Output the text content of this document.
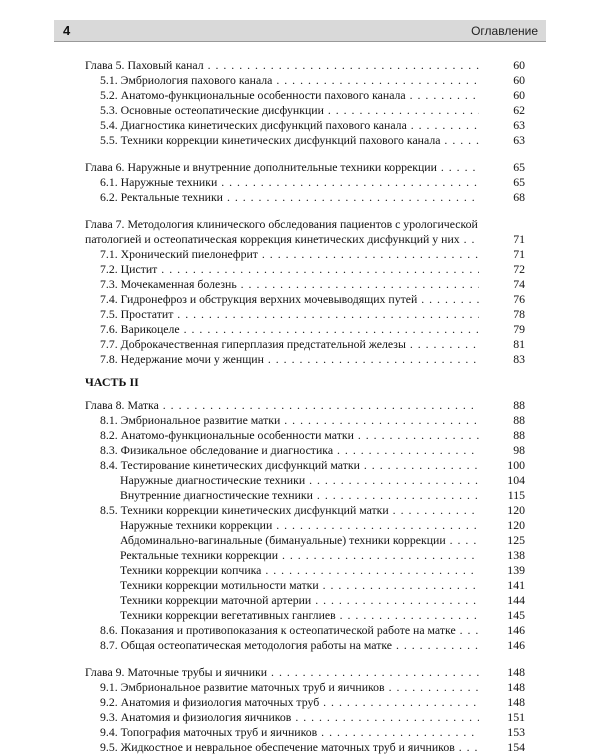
4	Оглавление
Глава 5. Паховый канал . . .	60
5.1. Эмбриология пахового канала . . .	60
5.2. Анатомо-функциональные особенности пахового канала . . .	60
5.3. Основные остеопатические дисфункции . . .	62
5.4. Диагностика кинетических дисфункций пахового канала . . .	63
5.5. Техники коррекции кинетических дисфункций пахового канала . . .	63
Глава 6. Наружные и внутренние дополнительные техники коррекции . . .	65
6.1. Наружные техники . . .	65
6.2. Ректальные техники . . .	68
Глава 7. Методология клинического обследования пациентов с урологической
патологией и остеопатическая коррекция кинетических дисфункций у них . . .	71
7.1. Хронический пиелонефрит . . .	71
7.2. Цистит . . .	72
7.3. Мочекаменная болезнь . . .	74
7.4. Гидронефроз и обструкция верхних мочевыводящих путей . . .	76
7.5. Простатит . . .	78
7.6. Варикоцеле . . .	79
7.7. Доброкачественная гиперплазия предстательной железы . . .	81
7.8. Недержание мочи у женщин . . .	83
ЧАСТЬ II
Глава 8. Матка . . .	88
8.1. Эмбриональное развитие матки . . .	88
8.2. Анатомо-функциональные особенности матки . . .	88
8.3. Физикальное обследование и диагностика . . .	98
8.4. Тестирование кинетических дисфункций матки . . .	100
Наружные диагностические техники . . .	104
Внутренние диагностические техники . . .	115
8.5. Техники коррекции кинетических дисфункций матки . . .	120
Наружные техники коррекции . . .	120
Абдоминально-вагинальные (бимануальные) техники коррекции . . .	125
Ректальные техники коррекции . . .	138
Техники коррекции копчика . . .	139
Техники коррекции мотильности матки . . .	141
Техники коррекции маточной артерии . . .	144
Техники коррекции вегетативных ганглиев . . .	145
8.6. Показания и противопоказания к остеопатической работе на матке . . .	146
8.7. Общая остеопатическая методология работы на матке . . .	146
Глава 9. Маточные трубы и яичники . . .	148
9.1. Эмбриональное развитие маточных труб и яичников . . .	148
9.2. Анатомия и физиология маточных труб . . .	148
9.3. Анатомия и физиология яичников . . .	151
9.4. Топография маточных труб и яичников . . .	153
9.5. Жидкостное и невральное обеспечение маточных труб и яичников . . .	154
